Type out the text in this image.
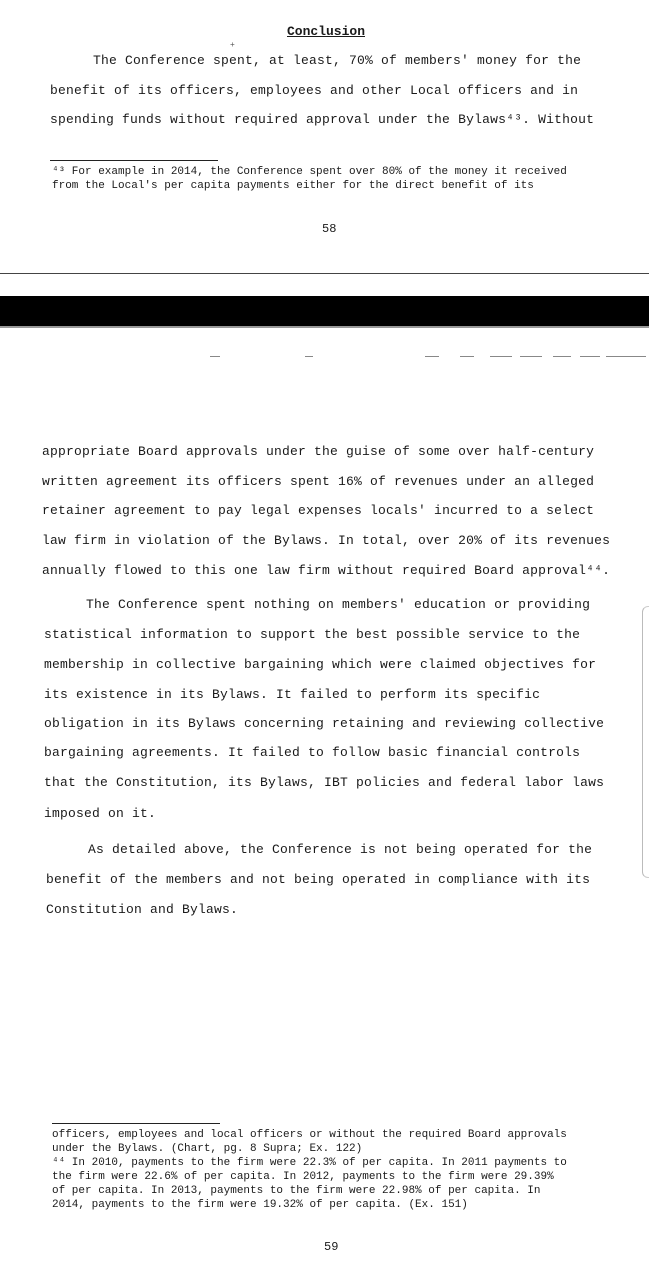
Conclusion
+
The Conference spent, at least, 70% of members' money for the
benefit of its officers, employees and other Local officers and in
spending funds without required approval under the Bylaws⁴³. Without
⁴³ For example in 2014, the Conference spent over 80% of the money it received
from the Local's per capita payments either for the direct benefit of its
58
appropriate Board approvals under the guise of some over half-century
written agreement its officers spent 16% of revenues under an alleged
retainer agreement to pay legal expenses locals' incurred to a select
law firm in violation of the Bylaws. In total, over 20% of its revenues
annually flowed to this one law firm without required Board approval⁴⁴.
The Conference spent nothing on members' education or providing
statistical information to support the best possible service to the
membership in collective bargaining which were claimed objectives for
its existence in its Bylaws. It failed to perform its specific
obligation in its Bylaws concerning retaining and reviewing collective
bargaining agreements. It failed to follow basic financial controls
that the Constitution, its Bylaws, IBT policies and federal labor laws
imposed on it.
As detailed above, the Conference is not being operated for the
benefit of the members and not being operated in compliance with its
Constitution and Bylaws.
officers, employees and local officers or without the required Board approvals
under the Bylaws. (Chart, pg. 8 Supra; Ex. 122)
⁴⁴ In 2010, payments to the firm were 22.3% of per capita. In 2011 payments to
the firm were 22.6% of per capita. In 2012, payments to the firm were 29.39%
of per capita. In 2013, payments to the firm were 22.98% of per capita. In
2014, payments to the firm were 19.32% of per capita. (Ex. 151)
59
